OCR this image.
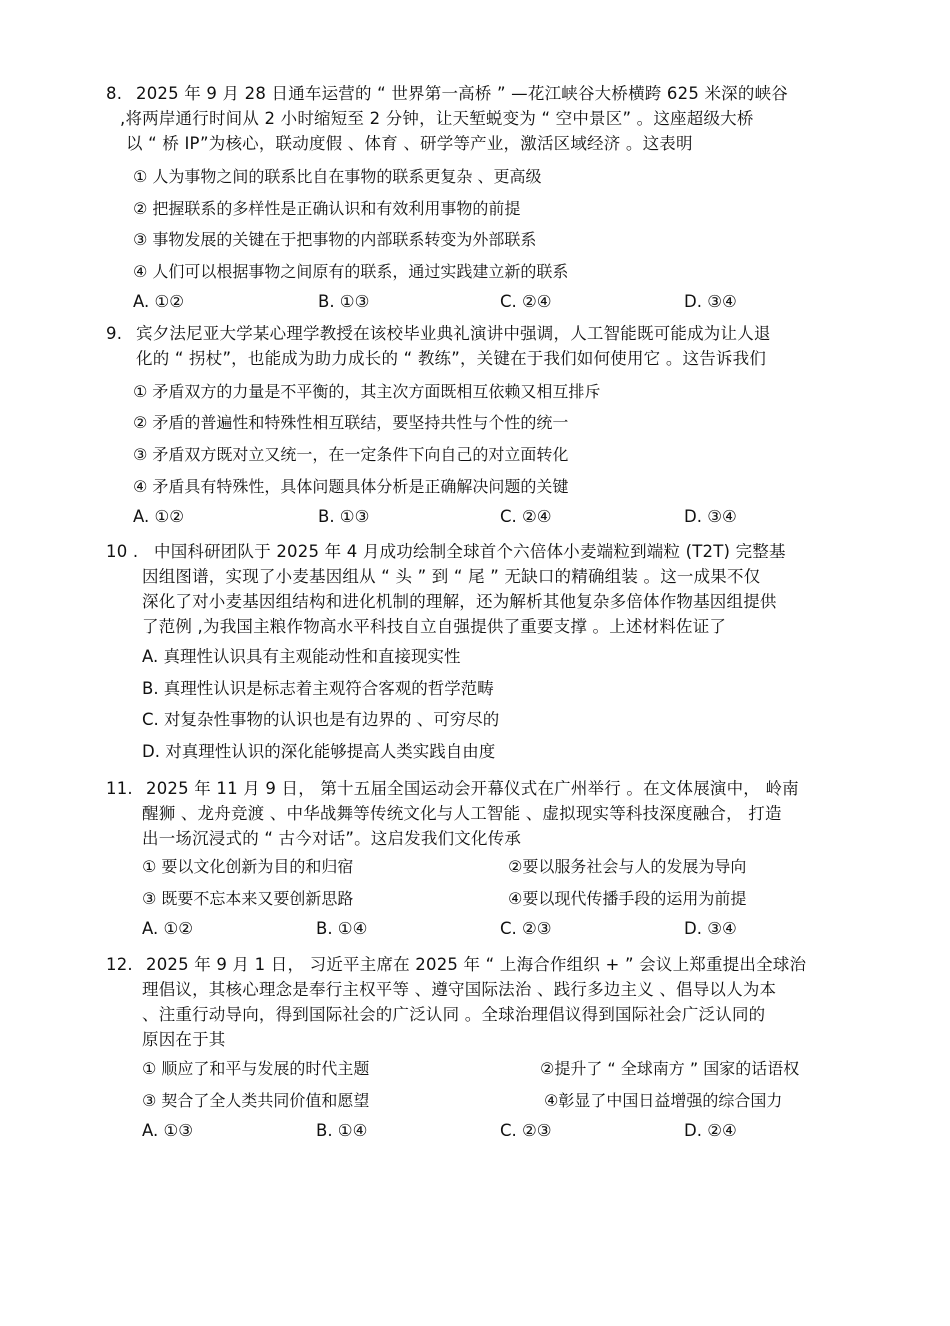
8. 2025 年 9 月 28 日通车运营的 “ 世界第一高桥 ” —花江峡谷大桥横跨 625 米深的峡谷
,将两岸通行时间从 2 小时缩短至 2 分钟，让天堑蜕变为 “ 空中景区” 。这座超级大桥
以 “ 桥 IP”为核心，联动度假 、体育 、研学等产业，激活区域经济 。这表明
① 人为事物之间的联系比自在事物的联系更复杂 、更高级
② 把握联系的多样性是正确认识和有效利用事物的前提
③ 事物发展的关键在于把事物的内部联系转变为外部联系
④ 人们可以根据事物之间原有的联系，通过实践建立新的联系
A. ①②	B. ①③	C. ②④	D. ③④
9. 宾夕法尼亚大学某心理学教授在该校毕业典礼演讲中强调，人工智能既可能成为让人退
化的 “ 拐杖”，也能成为助力成长的 “ 教练”，关键在于我们如何使用它 。这告诉我们
① 矛盾双方的力量是不平衡的，其主次方面既相互依赖又相互排斥
② 矛盾的普遍性和特殊性相互联结，要坚持共性与个性的统一
③ 矛盾双方既对立又统一，在一定条件下向自己的对立面转化
④ 矛盾具有特殊性，具体问题具体分析是正确解决问题的关键
A. ①②	B. ①③	C. ②④	D. ③④
10 . 中国科研团队于 2025 年 4 月成功绘制全球首个六倍体小麦端粒到端粒 (T2T) 完整基
因组图谱，实现了小麦基因组从 “ 头 ” 到 “ 尾 ” 无缺口的精确组装 。这一成果不仅
深化了对小麦基因组结构和进化机制的理解，还为解析其他复杂多倍体作物基因组提供
了范例 ,为我国主粮作物高水平科技自立自强提供了重要支撑 。上述材料佐证了
A. 真理性认识具有主观能动性和直接现实性
B. 真理性认识是标志着主观符合客观的哲学范畴
C. 对复杂性事物的认识也是有边界的 、可穷尽的
D. 对真理性认识的深化能够提高人类实践自由度
11. 2025 年 11 月 9 日， 第十五届全国运动会开幕仪式在广州举行 。在文体展演中， 岭南
醒狮 、龙舟竞渡 、中华战舞等传统文化与人工智能 、虚拟现实等科技深度融合， 打造
出一场沉浸式的 “ 古今对话”。这启发我们文化传承
① 要以文化创新为目的和归宿	②要以服务社会与人的发展为导向
③ 既要不忘本来又要创新思路	④要以现代传播手段的运用为前提
A. ①②	B. ①④	C. ②③	D. ③④
12. 2025 年 9 月 1 日， 习近平主席在 2025 年 “ 上海合作组织 + ” 会议上郑重提出全球治
理倡议，其核心理念是奉行主权平等 、遵守国际法治 、践行多边主义 、倡导以人为本
、注重行动导向，得到国际社会的广泛认同 。全球治理倡议得到国际社会广泛认同的
原因在于其
① 顺应了和平与发展的时代主题	②提升了 “ 全球南方 ” 国家的话语权
③ 契合了全人类共同价值和愿望	④彰显了中国日益增强的综合国力
A. ①③	B. ①④	C. ②③	D. ②④
